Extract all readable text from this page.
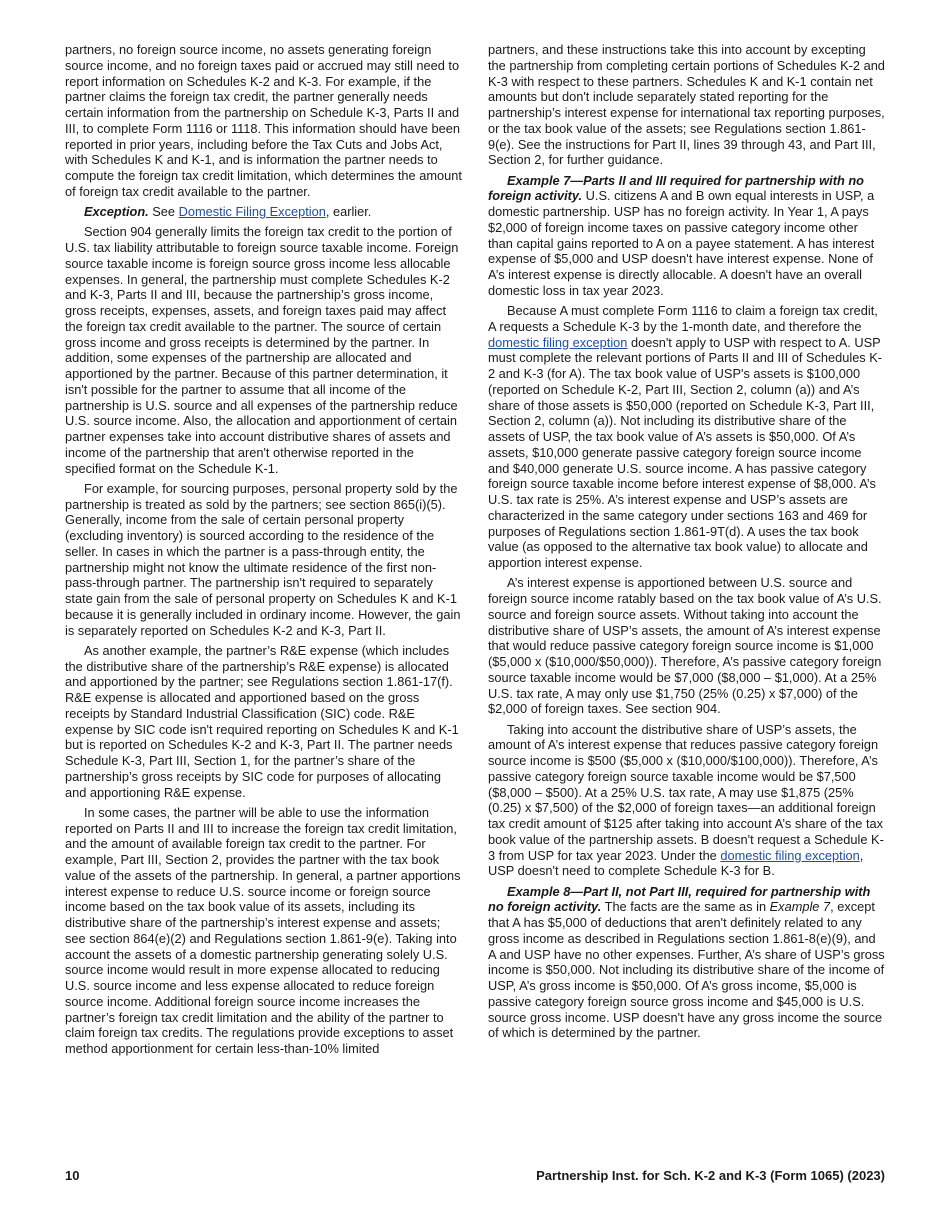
partners, no foreign source income, no assets generating foreign source income, and no foreign taxes paid or accrued may still need to report information on Schedules K-2 and K-3. For example, if the partner claims the foreign tax credit, the partner generally needs certain information from the partnership on Schedule K-3, Parts II and III, to complete Form 1116 or 1118. This information should have been reported in prior years, including before the Tax Cuts and Jobs Act, with Schedules K and K-1, and is information the partner needs to compute the foreign tax credit limitation, which determines the amount of foreign tax credit available to the partner.

Exception. See Domestic Filing Exception, earlier.

Section 904 generally limits the foreign tax credit to the portion of U.S. tax liability attributable to foreign source taxable income. Foreign source taxable income is foreign source gross income less allocable expenses. In general, the partnership must complete Schedules K-2 and K-3, Parts II and III, because the partnership’s gross income, gross receipts, expenses, assets, and foreign taxes paid may affect the foreign tax credit available to the partner. The source of certain gross income and gross receipts is determined by the partner. In addition, some expenses of the partnership are allocated and apportioned by the partner. Because of this partner determination, it isn't possible for the partner to assume that all income of the partnership is U.S. source and all expenses of the partnership reduce U.S. source income. Also, the allocation and apportionment of certain partner expenses take into account distributive shares of assets and income of the partnership that aren't otherwise reported in the specified format on the Schedule K-1.

For example, for sourcing purposes, personal property sold by the partnership is treated as sold by the partners; see section 865(i)(5). Generally, income from the sale of certain personal property (excluding inventory) is sourced according to the residence of the seller. In cases in which the partner is a pass-through entity, the partnership might not know the ultimate residence of the first non-pass-through partner. The partnership isn't required to separately state gain from the sale of personal property on Schedules K and K-1 because it is generally included in ordinary income. However, the gain is separately reported on Schedules K-2 and K-3, Part II.

As another example, the partner’s R&E expense (which includes the distributive share of the partnership’s R&E expense) is allocated and apportioned by the partner; see Regulations section 1.861-17(f). R&E expense is allocated and apportioned based on the gross receipts by Standard Industrial Classification (SIC) code. R&E expense by SIC code isn't required reporting on Schedules K and K-1 but is reported on Schedules K-2 and K-3, Part II. The partner needs Schedule K-3, Part III, Section 1, for the partner’s share of the partnership’s gross receipts by SIC code for purposes of allocating and apportioning R&E expense.

In some cases, the partner will be able to use the information reported on Parts II and III to increase the foreign tax credit limitation, and the amount of available foreign tax credit to the partner. For example, Part III, Section 2, provides the partner with the tax book value of the assets of the partnership. In general, a partner apportions interest expense to reduce U.S. source income or foreign source income based on the tax book value of its assets, including its distributive share of the partnership’s interest expense and assets; see section 864(e)(2) and Regulations section 1.861-9(e). Taking into account the assets of a domestic partnership generating solely U.S. source income would result in more expense allocated to reducing U.S. source income and less expense allocated to reduce foreign source income. Additional foreign source income increases the partner’s foreign tax credit limitation and the ability of the partner to claim foreign tax credits. The regulations provide exceptions to asset method apportionment for certain less-than-10% limited

partners, and these instructions take this into account by excepting the partnership from completing certain portions of Schedules K-2 and K-3 with respect to these partners. Schedules K and K-1 contain net amounts but don't include separately stated reporting for the partnership’s interest expense for international tax reporting purposes, or the tax book value of the assets; see Regulations section 1.861-9(e). See the instructions for Part II, lines 39 through 43, and Part III, Section 2, for further guidance.

Example 7—Parts II and III required for partnership with no foreign activity. U.S. citizens A and B own equal interests in USP, a domestic partnership. USP has no foreign activity. In Year 1, A pays $2,000 of foreign income taxes on passive category income other than capital gains reported to A on a payee statement. A has interest expense of $5,000 and USP doesn't have interest expense. None of A’s interest expense is directly allocable. A doesn't have an overall domestic loss in tax year 2023.

Because A must complete Form 1116 to claim a foreign tax credit, A requests a Schedule K-3 by the 1-month date, and therefore the domestic filing exception doesn't apply to USP with respect to A. USP must complete the relevant portions of Parts II and III of Schedules K-2 and K-3 (for A). The tax book value of USP's assets is $100,000 (reported on Schedule K-2, Part III, Section 2, column (a)) and A’s share of those assets is $50,000 (reported on Schedule K-3, Part III, Section 2, column (a)). Not including its distributive share of the assets of USP, the tax book value of A’s assets is $50,000. Of A’s assets, $10,000 generate passive category foreign source income and $40,000 generate U.S. source income. A has passive category foreign source taxable income before interest expense of $8,000. A’s U.S. tax rate is 25%. A’s interest expense and USP’s assets are characterized in the same category under sections 163 and 469 for purposes of Regulations section 1.861-9T(d). A uses the tax book value (as opposed to the alternative tax book value) to allocate and apportion interest expense.

A’s interest expense is apportioned between U.S. source and foreign source income ratably based on the tax book value of A’s U.S. source and foreign source assets. Without taking into account the distributive share of USP’s assets, the amount of A’s interest expense that would reduce passive category foreign source income is $1,000 ($5,000 x ($10,000/$50,000)). Therefore, A’s passive category foreign source taxable income would be $7,000 ($8,000 – $1,000). At a 25% U.S. tax rate, A may only use $1,750 (25% (0.25) x $7,000) of the $2,000 of foreign taxes. See section 904.

Taking into account the distributive share of USP’s assets, the amount of A’s interest expense that reduces passive category foreign source income is $500 ($5,000 x ($10,000/$100,000)). Therefore, A’s passive category foreign source taxable income would be $7,500 ($8,000 – $500). At a 25% U.S. tax rate, A may use $1,875 (25% (0.25) x $7,500) of the $2,000 of foreign taxes—an additional foreign tax credit amount of $125 after taking into account A’s share of the tax book value of the partnership assets. B doesn't request a Schedule K-3 from USP for tax year 2023. Under the domestic filing exception, USP doesn't need to complete Schedule K-3 for B.

Example 8—Part II, not Part III, required for partnership with no foreign activity. The facts are the same as in Example 7, except that A has $5,000 of deductions that aren't definitely related to any gross income as described in Regulations section 1.861-8(e)(9), and A and USP have no other expenses. Further, A’s share of USP’s gross income is $50,000. Not including its distributive share of the income of USP, A’s gross income is $50,000. Of A’s gross income, $5,000 is passive category foreign source gross income and $45,000 is U.S. source gross income. USP doesn't have any gross income the source of which is determined by the partner.

10	Partnership Inst. for Sch. K-2 and K-3 (Form 1065) (2023)
